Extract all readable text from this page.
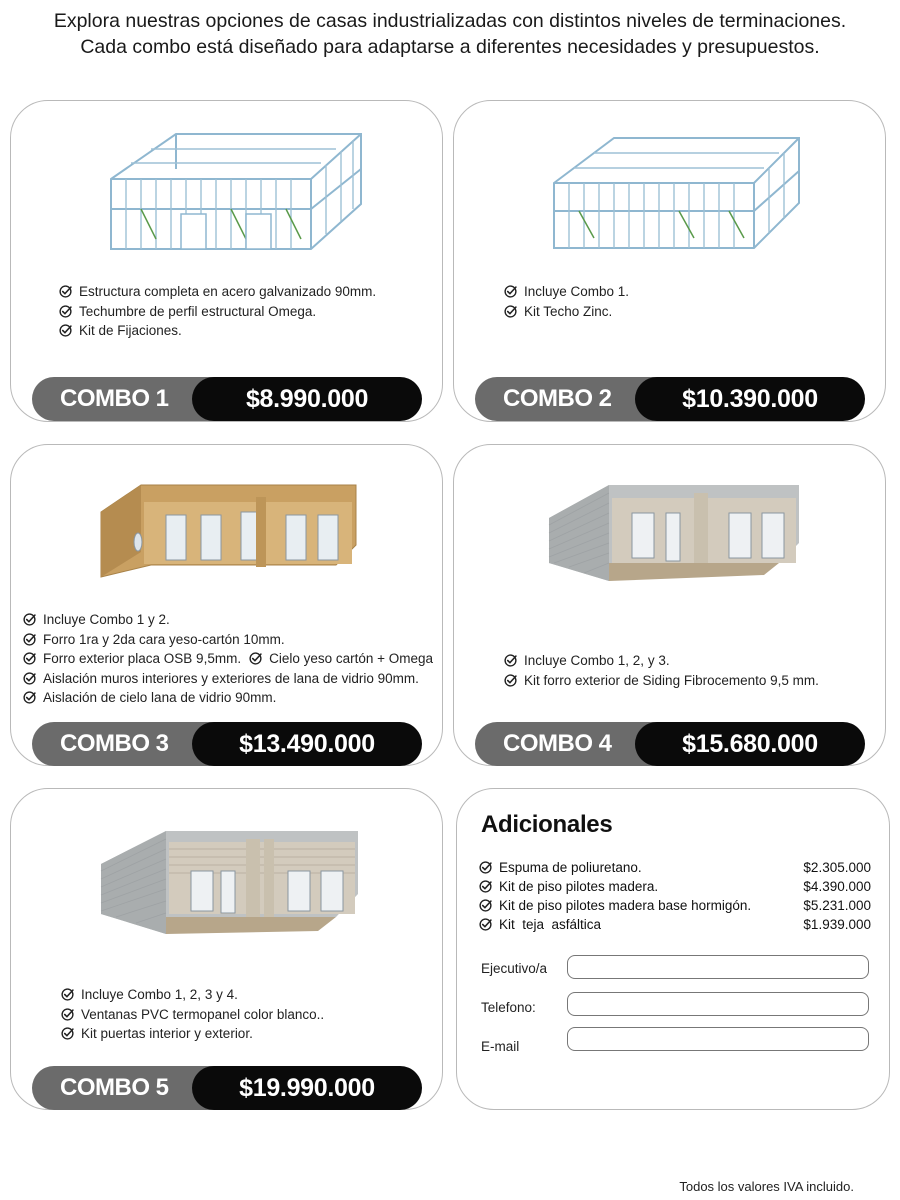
Explora nuestras opciones de casas industrializadas con distintos niveles de terminaciones.
Cada combo está diseñado para adaptarse a diferentes necesidades y presupuestos.
Estructura completa en acero galvanizado 90mm.
Techumbre de perfil estructural Omega.
Kit de Fijaciones.
COMBO 1	$8.990.000
Incluye Combo 1.
Kit Techo Zinc.
COMBO 2	$10.390.000
Incluye Combo 1 y 2.
Forro 1ra y 2da cara yeso-cartón 10mm.
Forro exterior placa OSB 9,5mm. Cielo yeso cartón + Omega
Aislación muros interiores y exteriores de lana de vidrio 90mm.
Aislación de cielo lana de vidrio 90mm.
COMBO 3	$13.490.000
Incluye Combo 1, 2, y 3.
Kit forro exterior de Siding Fibrocemento 9,5 mm.
COMBO 4	$15.680.000
Incluye Combo 1, 2, 3 y 4.
Ventanas PVC termopanel color blanco..
Kit puertas interior y exterior.
COMBO 5	$19.990.000
Adicionales
Espuma de poliuretano.	$2.305.000
Kit de piso pilotes madera.	$4.390.000
Kit de piso pilotes madera base hormigón.	$5.231.000
Kit  teja  asfáltica	$1.939.000
Ejecutivo/a
Telefono:
E-mail
Todos los valores IVA incluido.
